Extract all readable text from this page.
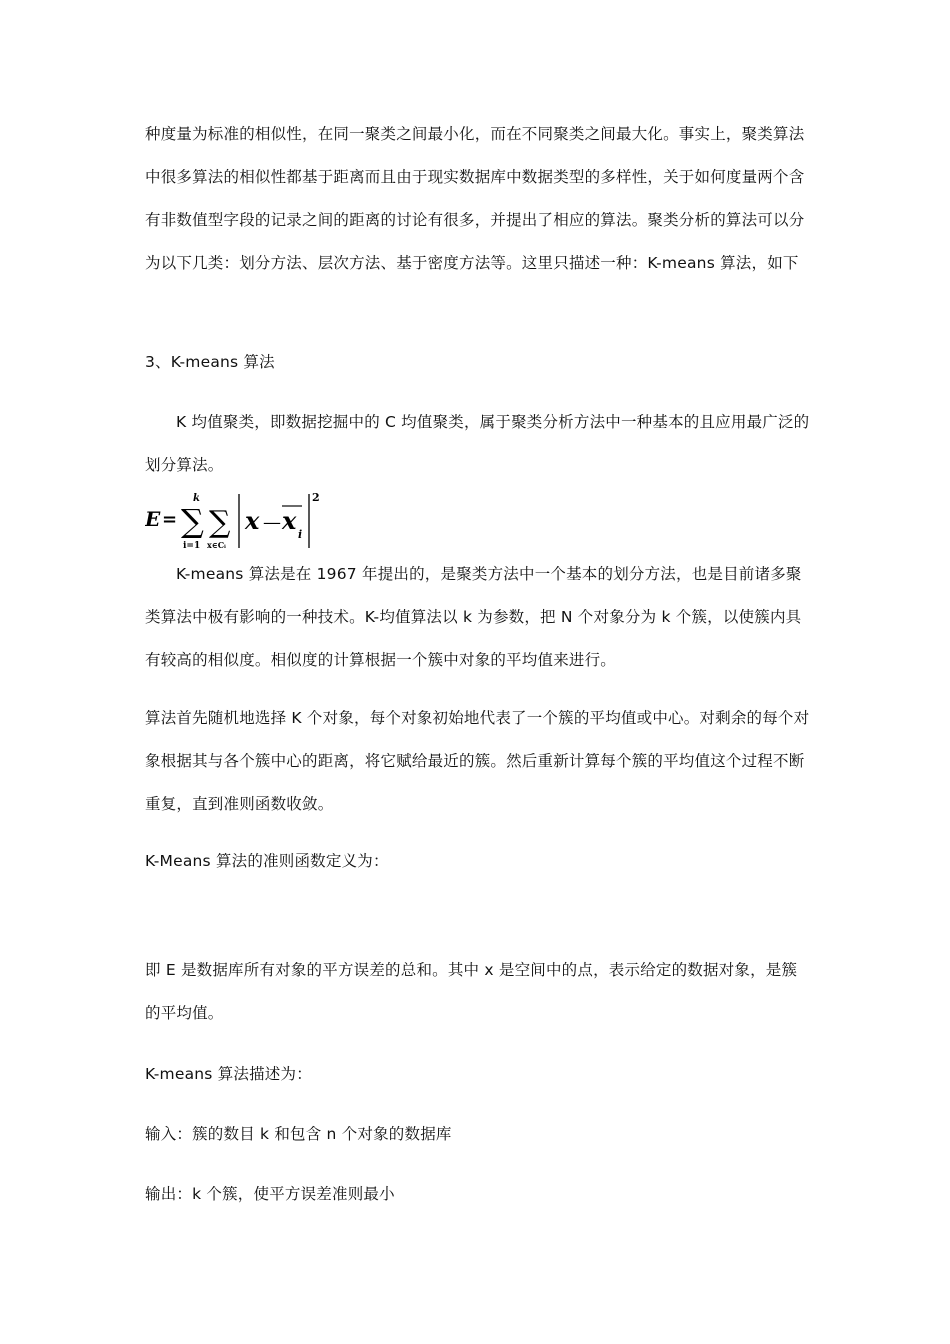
种度量为标准的相似性，在同一聚类之间最小化，而在不同聚类之间最大化。事实上，聚类算法中很多算法的相似性都基于距离而且由于现实数据库中数据类型的多样性，关于如何度量两个含有非数值型字段的记录之间的距离的讨论有很多，并提出了相应的算法。聚类分析的算法可以分为以下几类：划分方法、层次方法、基于密度方法等。这里只描述一种：K-means 算法，如下

3、K-means 算法

K 均值聚类，即数据挖掘中的 C 均值聚类，属于聚类分析方法中一种基本的且应用最广泛的划分算法。

E = ∑
k
i=1
∑
x∈Cᵢ
x — x i
2

K-means 算法是在 1967 年提出的，是聚类方法中一个基本的划分方法，也是目前诸多聚类算法中极有影响的一种技术。K-均值算法以 k 为参数，把 N 个对象分为 k 个簇，以使簇内具有较高的相似度。相似度的计算根据一个簇中对象的平均值来进行。

算法首先随机地选择 K 个对象，每个对象初始地代表了一个簇的平均值或中心。对剩余的每个对象根据其与各个簇中心的距离，将它赋给最近的簇。然后重新计算每个簇的平均值这个过程不断重复，直到准则函数收敛。

K-Means 算法的准则函数定义为：

即 E 是数据库所有对象的平方误差的总和。其中 x 是空间中的点，表示给定的数据对象，是簇的平均值。

K-means 算法描述为：

输入：簇的数目 k 和包含 n 个对象的数据库

输出：k 个簇，使平方误差准则最小
